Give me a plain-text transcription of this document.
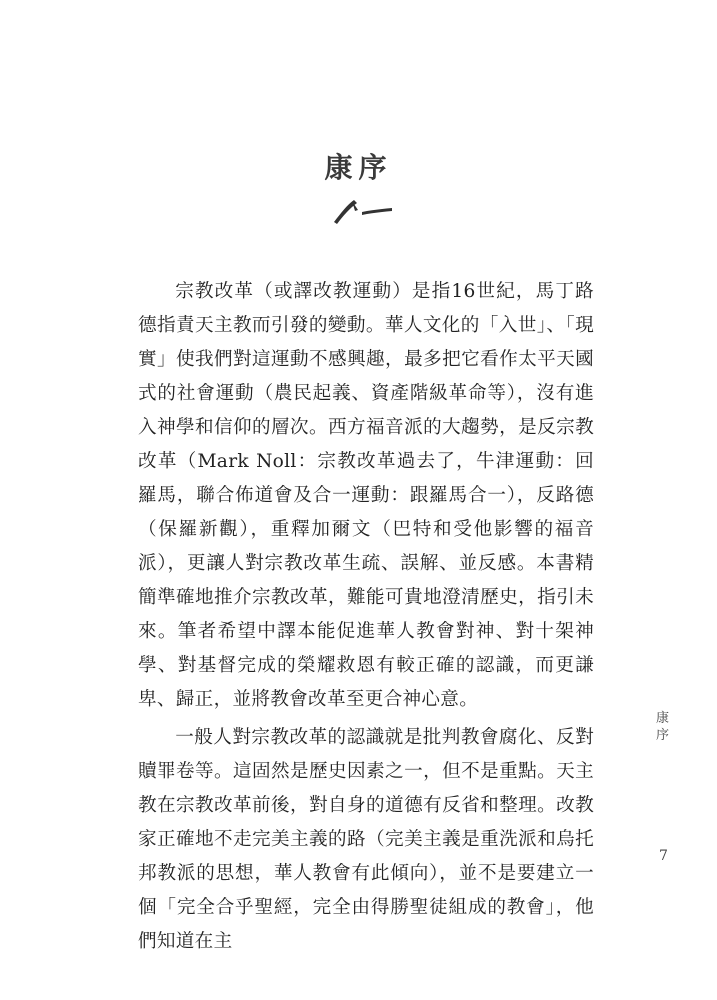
康序

宗教改革（或譯改教運動）是指16世紀，馬丁路德指責天主教而引發的變動。華人文化的「入世」、「現實」使我們對這運動不感興趣，最多把它看作太平天國式的社會運動（農民起義、資產階級革命等），沒有進入神學和信仰的層次。西方福音派的大趨勢，是反宗教改革（Mark Noll：宗教改革過去了，牛津運動：回羅馬，聯合佈道會及合一運動：跟羅馬合一），反路德（保羅新觀），重釋加爾文（巴特和受他影響的福音派），更讓人對宗教改革生疏、誤解、並反感。本書精簡準確地推介宗教改革，難能可貴地澄清歷史，指引未來。筆者希望中譯本能促進華人教會對神、對十架神學、對基督完成的榮耀救恩有較正確的認識，而更謙卑、歸正，並將教會改革至更合神心意。

一般人對宗教改革的認識就是批判教會腐化、反對贖罪卷等。這固然是歷史因素之一，但不是重點。天主教在宗教改革前後，對自身的道德有反省和整理。改教家正確地不走完美主義的路（完美主義是重洗派和烏托邦教派的思想，華人教會有此傾向），並不是要建立一個「完全合乎聖經，完全由得勝聖徒組成的教會」，他們知道在主

康
序
7
